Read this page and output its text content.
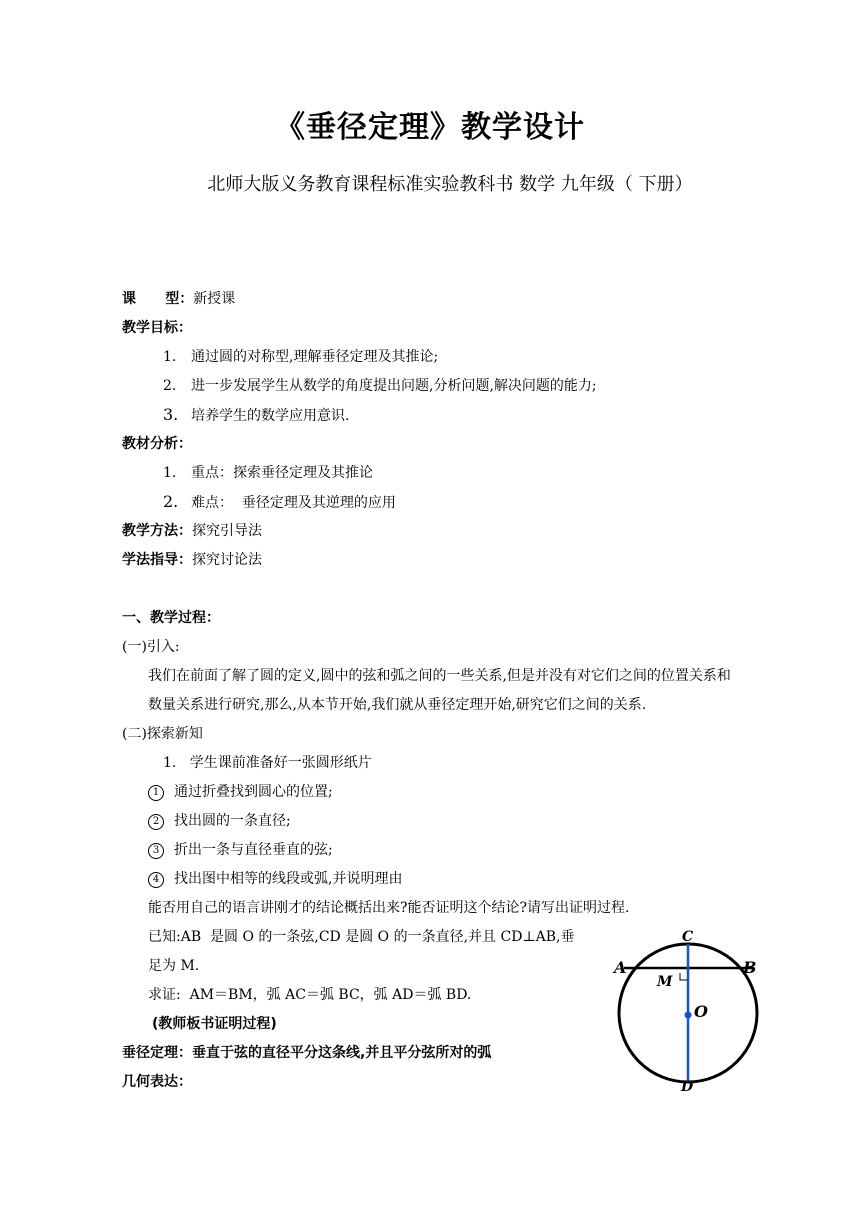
《垂径定理》教学设计
北师大版义务教育课程标准实验教科书 数学 九年级（ 下册）
课      型：新授课
教学目标：
1. 通过圆的对称型,理解垂径定理及其推论;
2. 进一步发展学生从数学的角度提出问题,分析问题,解决问题的能力;
3. 培养学生的数学应用意识.
教材分析：
1. 重点：探索垂径定理及其推论
2. 难点：  垂径定理及其逆理的应用
教学方法：探究引导法
学法指导：探究讨论法
一、教学过程：
(一)引入:
我们在前面了解了圆的定义,圆中的弦和弧之间的一些关系,但是并没有对它们之间的位置关系和
数量关系进行研究,那么,从本节开始,我们就从垂径定理开始,研究它们之间的关系.
(二)探索新知
1.   学生课前准备好一张圆形纸片
1 通过折叠找到圆心的位置;
2 找出圆的一条直径;
3 折出一条与直径垂直的弦;
4 找出图中相等的线段或弧,并说明理由
能否用自己的语言讲刚才的结论概括出来?能否证明这个结论?请写出证明过程.
已知:AB  是圆 O 的一条弦,CD 是圆 O 的一条直径,并且 CD⊥AB,垂
足为 M.
求证:  AM＝BM，弧 AC＝弧 BC，弧 AD＝弧 BD.
(教师板书证明过程)
垂径定理：垂直于弦的直径平分这条线,并且平分弦所对的弧
几何表达：
C
A	B
M
O
D
